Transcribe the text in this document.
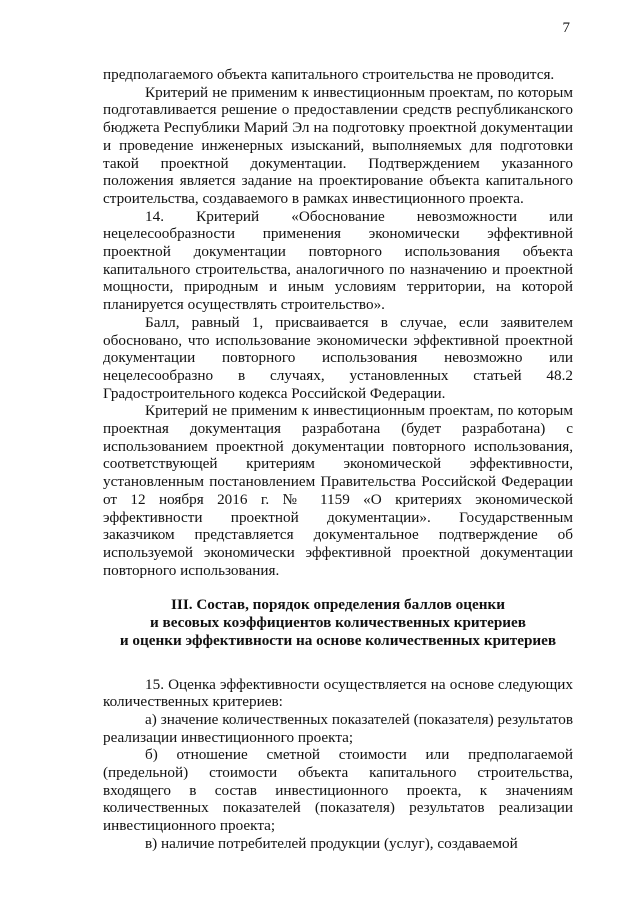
7

предполагаемого объекта капитального строительства не проводится.

Критерий не применим к инвестиционным проектам, по которым подготавливается решение о предоставлении средств республиканского бюджета Республики Марий Эл на подготовку проектной документации и проведение инженерных изысканий, выполняемых для подготовки такой проектной документации. Подтверждением указанного положения является задание на проектирование объекта капитального строительства, создаваемого в рамках инвестиционного проекта.

14. Критерий «Обоснование невозможности или нецелесообразности применения экономически эффективной проектной документации повторного использования объекта капитального строительства, аналогичного по назначению и проектной мощности, природным и иным условиям территории, на которой планируется осуществлять строительство».

Балл, равный 1, присваивается в случае, если заявителем обосновано, что использование экономически эффективной проектной документации повторного использования невозможно или нецелесообразно в случаях, установленных статьей 48.2 Градостроительного кодекса Российской Федерации.

Критерий не применим к инвестиционным проектам, по которым проектная документация разработана (будет разработана) с использованием проектной документации повторного использования, соответствующей критериям экономической эффективности, установленным постановлением Правительства Российской Федерации от 12 ноября 2016 г. № 1159 «О критериях экономической эффективности проектной документации». Государственным заказчиком представляется документальное подтверждение об используемой экономически эффективной проектной документации повторного использования.

III. Состав, порядок определения баллов оценки
и весовых коэффициентов количественных критериев
и оценки эффективности на основе количественных критериев

15. Оценка эффективности осуществляется на основе следующих количественных критериев:

а) значение количественных показателей (показателя) результатов реализации инвестиционного проекта;

б) отношение сметной стоимости или предполагаемой (предельной) стоимости объекта капитального строительства, входящего в состав инвестиционного проекта, к значениям количественных показателей (показателя) результатов реализации инвестиционного проекта;

в) наличие потребителей продукции (услуг), создаваемой
